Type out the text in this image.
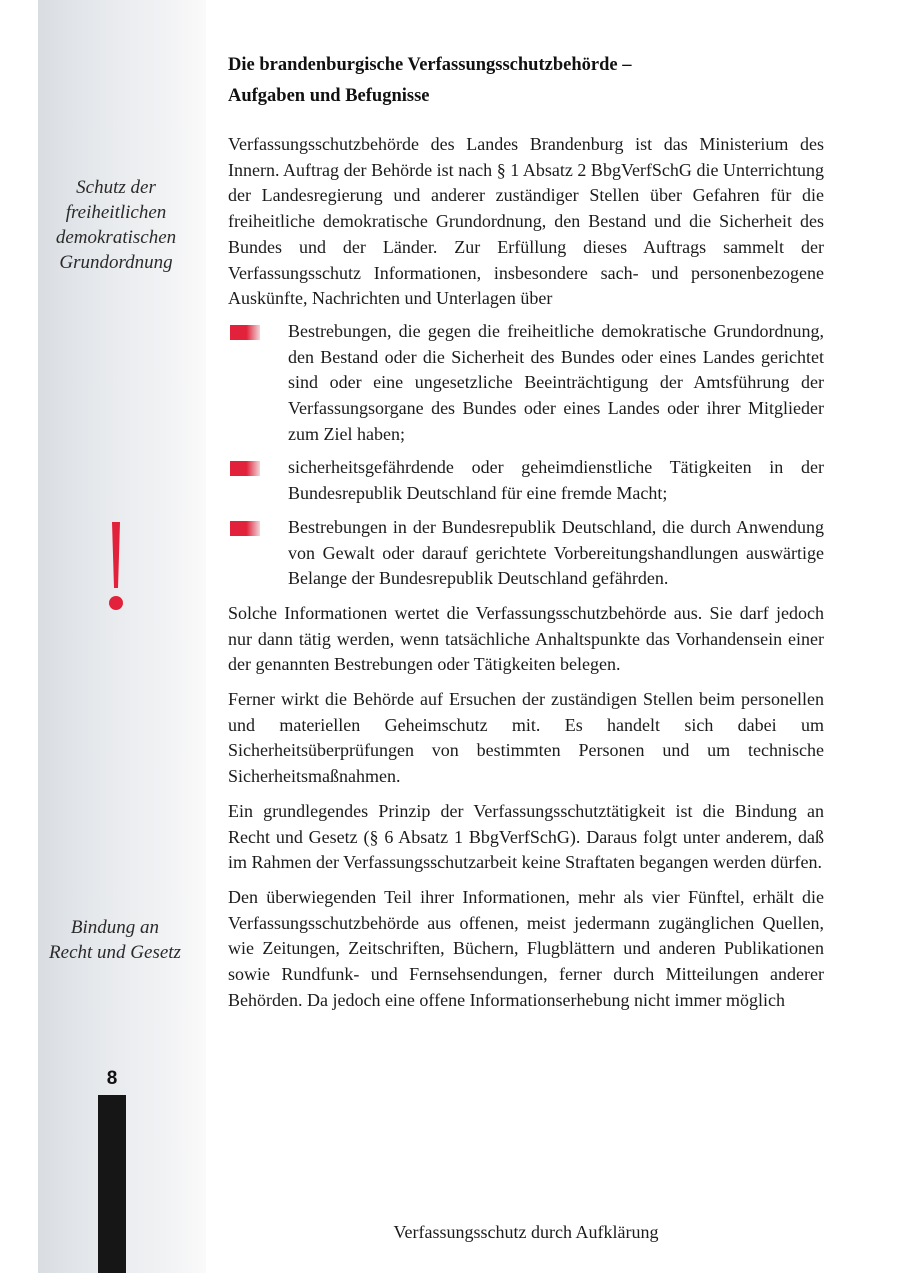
Schutz der
freiheitlichen
demokratischen
Grundordnung
Bindung an
Recht und Gesetz
8
Die brandenburgische Verfassungsschutzbehörde –
Aufgaben und Befugnisse

Verfassungsschutzbehörde des Landes Brandenburg ist das Ministerium des Innern. Auftrag der Behörde ist nach § 1 Absatz 2 BbgVerfSchG die Unterrichtung der Landesregierung und anderer zuständiger Stellen über Gefahren für die freiheitliche demokratische Grundordnung, den Bestand und die Sicherheit des Bundes und der Länder. Zur Erfüllung dieses Auftrags sammelt der Verfassungsschutz Informationen, insbesondere sach- und personenbezogene Auskünfte, Nachrichten und Unterlagen über

Bestrebungen, die gegen die freiheitliche demokratische Grundordnung, den Bestand oder die Sicherheit des Bundes oder eines Landes gerichtet sind oder eine ungesetzliche Beeinträchtigung der Amtsführung der Verfassungsorgane des Bundes oder eines Landes oder ihrer Mitglieder zum Ziel haben;
sicherheitsgefährdende oder geheimdienstliche Tätigkeiten in der Bundesrepublik Deutschland für eine fremde Macht;
Bestrebungen in der Bundesrepublik Deutschland, die durch Anwendung von Gewalt oder darauf gerichtete Vorbereitungshandlungen auswärtige Belange der Bundesrepublik Deutschland gefährden.

Solche Informationen wertet die Verfassungsschutzbehörde aus. Sie darf jedoch nur dann tätig werden, wenn tatsächliche Anhaltspunkte das Vorhandensein einer der genannten Bestrebungen oder Tätigkeiten belegen.

Ferner wirkt die Behörde auf Ersuchen der zuständigen Stellen beim personellen und materiellen Geheimschutz mit. Es handelt sich dabei um Sicherheitsüberprüfungen von bestimmten Personen und um technische Sicherheitsmaßnahmen.

Ein grundlegendes Prinzip der Verfassungsschutztätigkeit ist die Bindung an Recht und Gesetz (§ 6 Absatz 1 BbgVerfSchG). Daraus folgt unter anderem, daß im Rahmen der Verfassungsschutzarbeit keine Straftaten begangen werden dürfen.

Den überwiegenden Teil ihrer Informationen, mehr als vier Fünftel, erhält die Verfassungsschutzbehörde aus offenen, meist jedermann zugänglichen Quellen, wie Zeitungen, Zeitschriften, Büchern, Flugblättern und anderen Publikationen sowie Rundfunk- und Fernsehsendungen, ferner durch Mitteilungen anderer Behörden. Da jedoch eine offene Informationserhebung nicht immer möglich

Verfassungsschutz durch Aufklärung
